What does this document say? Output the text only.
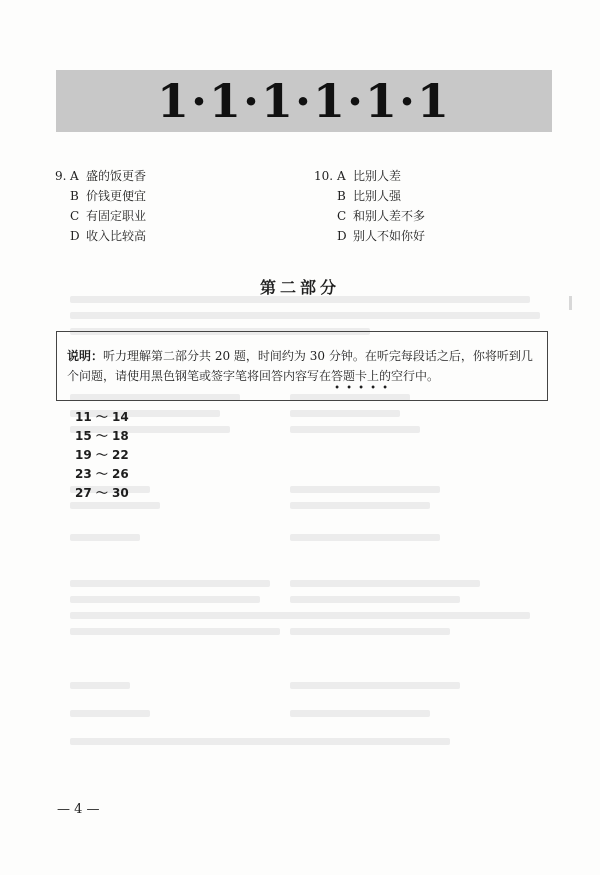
1·1·1·1·1·1
9. A 盛的饭更香
B 价钱更便宜
C 有固定职业
D 收入比较高
10. A 比别人差
B 比别人强
C 和别人差不多
D 别人不如你好
第二部分
说明：听力理解第二部分共 20 题，时间约为 30 分钟。在听完每段话之后，你将听到几个问题，请使用黑色钢笔或签字笔将回答内容写在答题卡上的
• • • • •
空行中。
11 ～ 14
15 ～ 18
19 ～ 22
23 ～ 26
27 ～ 30
— 4 —
